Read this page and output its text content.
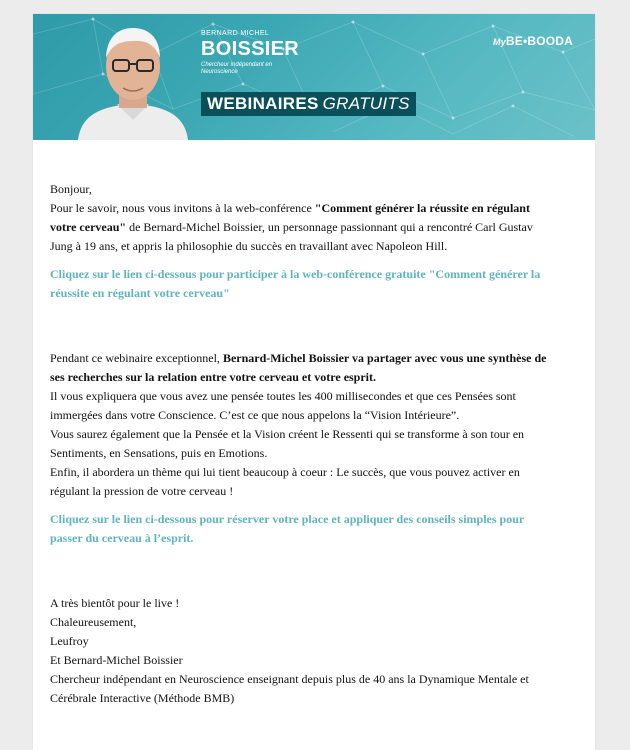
BERNARD MICHEL
BOISSIER
Chercheur indépendant en Neuroscience
WEBINAIRES GRATUITS
MyBE•BOODA

Bonjour,

Pour le savoir, nous vous invitons à la web-conférence "Comment générer la réussite en régulant votre cerveau" de Bernard-Michel Boissier, un personnage passionnant qui a rencontré Carl Gustav Jung à 19 ans, et appris la philosophie du succès en travaillant avec Napoleon Hill.

Cliquez sur le lien ci-dessous pour participer à la web-conférence gratuite "Comment générer la réussite en régulant votre cerveau"

Pendant ce webinaire exceptionnel, Bernard-Michel Boissier va partager avec vous une synthèse de ses recherches sur la relation entre votre cerveau et votre esprit.

Il vous expliquera que vous avez une pensée toutes les 400 millisecondes et que ces Pensées sont immergées dans votre Conscience. C’est ce que nous appelons la “Vision Intérieure”.

Vous saurez également que la Pensée et la Vision créent le Ressenti qui se transforme à son tour en Sentiments, en Sensations, puis en Emotions.

Enfin, il abordera un thème qui lui tient beaucoup à coeur : Le succès, que vous pouvez activer en régulant la pression de votre cerveau !

Cliquez sur le lien ci-dessous pour réserver votre place et appliquer des conseils simples pour passer du cerveau à l’esprit.

A très bientôt pour le live !

Chaleureusement,

Leufroy

Et Bernard-Michel Boissier

Chercheur indépendant en Neuroscience enseignant depuis plus de 40 ans la Dynamique Mentale et Cérébrale Interactive (Méthode BMB)
